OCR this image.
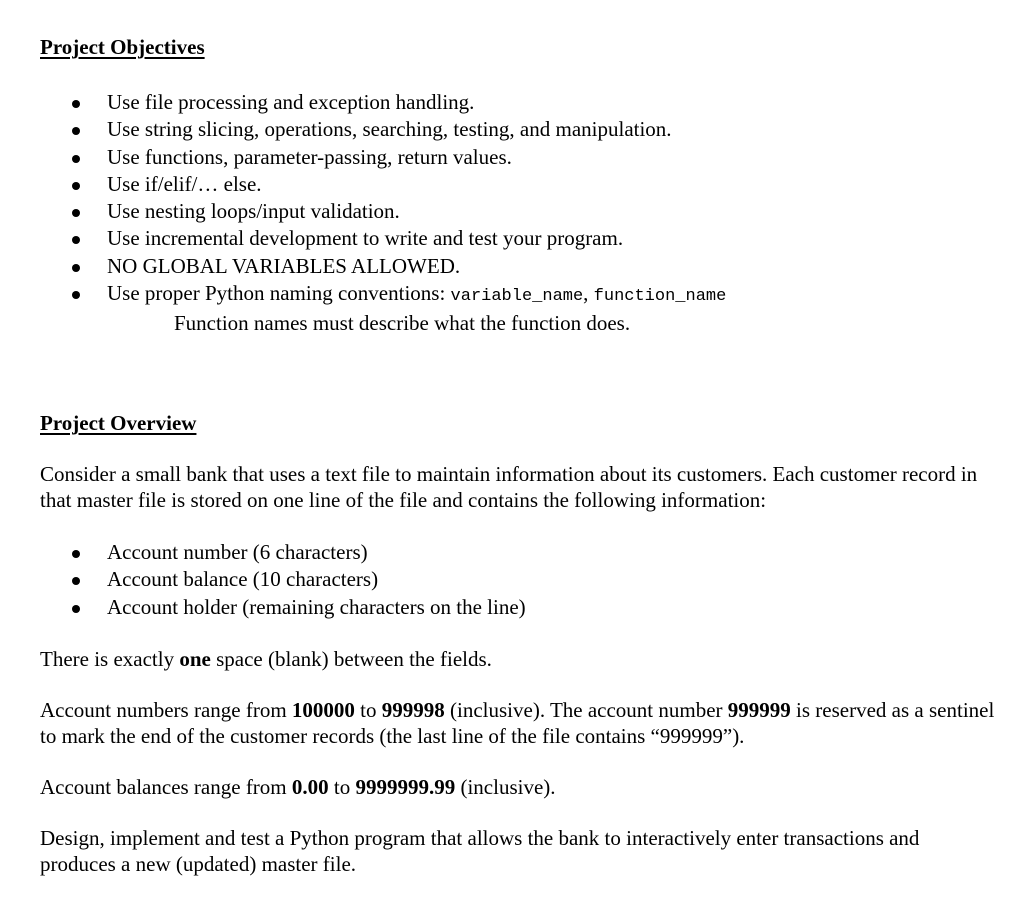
Project Objectives
Use file processing and exception handling.
Use string slicing, operations, searching, testing, and manipulation.
Use functions, parameter-passing, return values.
Use if/elif/… else.
Use nesting loops/input validation.
Use incremental development to write and test your program.
NO GLOBAL VARIABLES ALLOWED.
Use proper Python naming conventions: variable_name, function_name
Function names must describe what the function does.
Project Overview

Consider a small bank that uses a text file to maintain information about its customers. Each customer record in that master file is stored on one line of the file and contains the following information:

Account number (6 characters)
Account balance (10 characters)
Account holder (remaining characters on the line)

There is exactly one space (blank) between the fields.

Account numbers range from 100000 to 999998 (inclusive). The account number 999999 is reserved as a sentinel to mark the end of the customer records (the last line of the file contains “999999”).

Account balances range from 0.00 to 9999999.99 (inclusive).

Design, implement and test a Python program that allows the bank to interactively enter transactions and produces a new (updated) master file.
